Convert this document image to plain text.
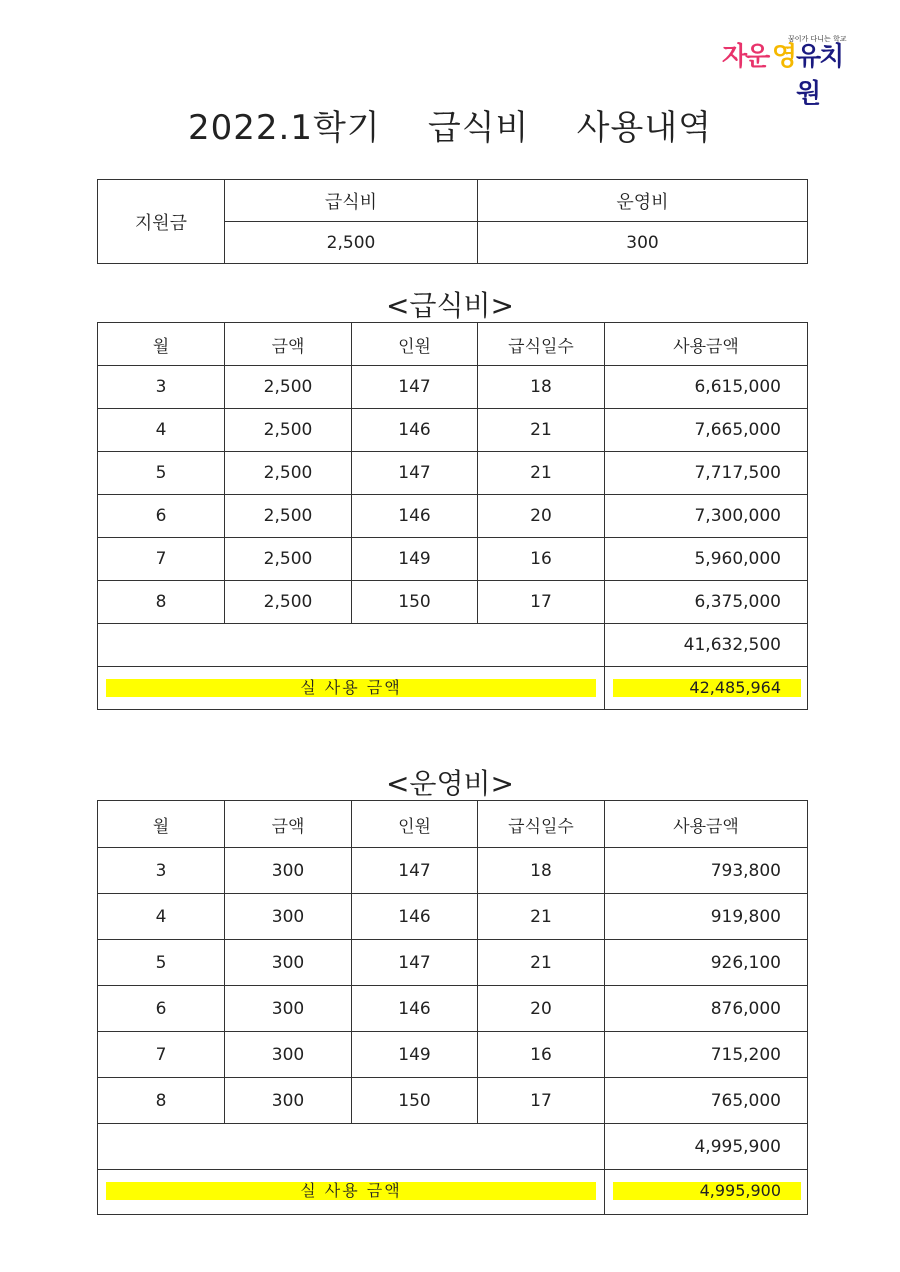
자운 영 유치원
꿈이가 다니는 학교
2022.1학기    급식비    사용내역
지원금	급식비	운영비
	2,500	300
<급식비>
월	금액	인원	급식일수	사용금액
3	2,500	147	18	6,615,000
4	2,500	146	21	7,665,000
5	2,500	147	21	7,717,500
6	2,500	146	20	7,300,000
7	2,500	149	16	5,960,000
8	2,500	150	17	6,375,000
				41,632,500

실 사용 금액				42,485,964
<운영비>
월	금액	인원	급식일수	사용금액
3	300	147	18	793,800
4	300	146	21	919,800
5	300	147	21	926,100
6	300	146	20	876,000
7	300	149	16	715,200
8	300	150	17	765,000
				4,995,900

실 사용 금액				4,995,900
